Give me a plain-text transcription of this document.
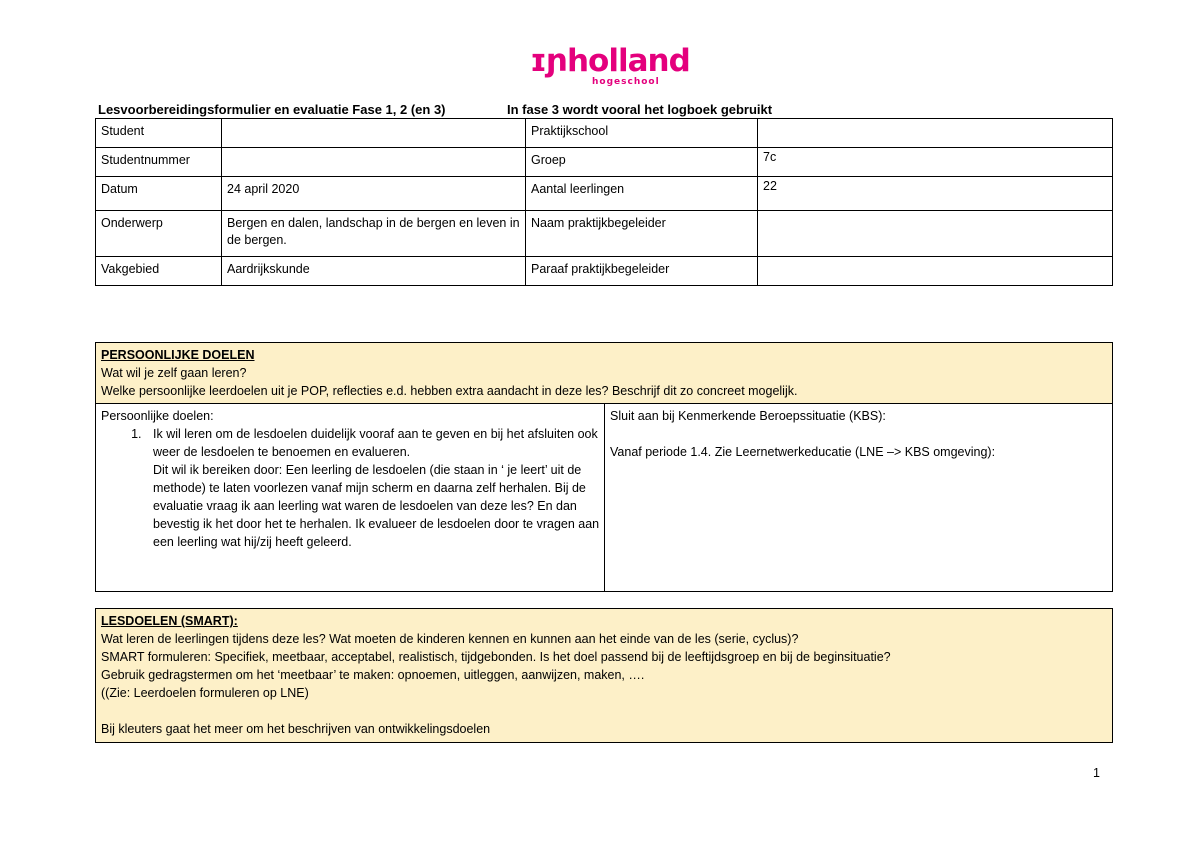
ɪɲholland
hogeschool
Lesvoorbereidingsformulier en evaluatie Fase 1, 2 (en 3)	In fase 3 wordt vooral het logboek gebruikt
Student		Praktijkschool	
Studentnummer		Groep	7c
Datum	24 april 2020	Aantal leerlingen	22
Onderwerp	Bergen en dalen, landschap in de bergen en leven in de bergen.	Naam praktijkbegeleider	
Vakgebied	Aardrijkskunde	Paraaf praktijkbegeleider	
PERSOONLIJKE DOELEN
Wat wil je zelf gaan leren?
Welke persoonlijke leerdoelen uit je POP, reflecties e.d. hebben extra aandacht in deze les? Beschrijf dit zo concreet mogelijk.

Persoonlijke doelen:
1. Ik wil leren om de lesdoelen duidelijk vooraf aan te geven en bij het afsluiten ook weer de lesdoelen te benoemen en evalueren.
Dit wil ik bereiken door: Een leerling de lesdoelen (die staan in ‘ je leert’ uit de methode) te laten voorlezen vanaf mijn scherm en daarna zelf herhalen. Bij de evaluatie vraag ik aan leerling wat waren de lesdoelen van deze les? En dan bevestig ik het door het te herhalen. Ik evalueer de lesdoelen door te vragen aan een leerling wat hij/zij heeft geleerd.

Sluit aan bij Kenmerkende Beroepssituatie (KBS):
Vanaf periode 1.4. Zie Leernetwerkeducatie (LNE –> KBS omgeving):
LESDOELEN (SMART):
Wat leren de leerlingen tijdens deze les? Wat moeten de kinderen kennen en kunnen aan het einde van de les (serie, cyclus)?
SMART formuleren: Specifiek, meetbaar, acceptabel, realistisch, tijdgebonden. Is het doel passend bij de leeftijdsgroep en bij de beginsituatie?
Gebruik gedragstermen om het ‘meetbaar’ te maken: opnoemen, uitleggen, aanwijzen, maken, ….
((Zie: Leerdoelen formuleren op LNE)
Bij kleuters gaat het meer om het beschrijven van ontwikkelingsdoelen
1
